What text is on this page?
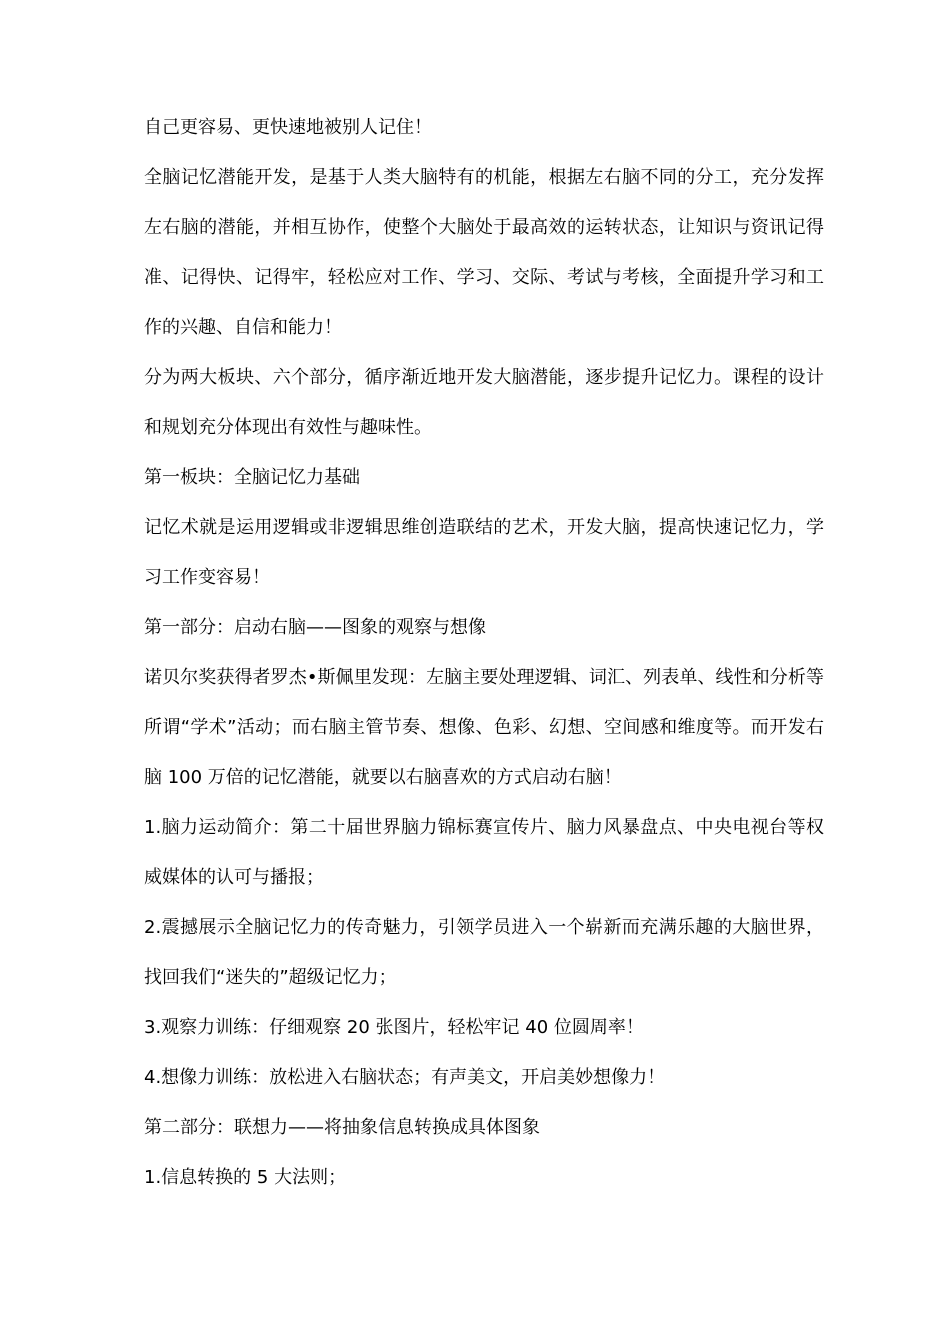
自己更容易、更快速地被别人记住！

全脑记忆潜能开发，是基于人类大脑特有的机能，根据左右脑不同的分工，充分发挥左右脑的潜能，并相互协作，使整个大脑处于最高效的运转状态，让知识与资讯记得准、记得快、记得牢，轻松应对工作、学习、交际、考试与考核，全面提升学习和工作的兴趣、自信和能力！

分为两大板块、六个部分，循序渐近地开发大脑潜能，逐步提升记忆力。课程的设计和规划充分体现出有效性与趣味性。

第一板块：全脑记忆力基础

记忆术就是运用逻辑或非逻辑思维创造联结的艺术，开发大脑，提高快速记忆力，学习工作变容易！

第一部分：启动右脑——图象的观察与想像

诺贝尔奖获得者罗杰•斯佩里发现：左脑主要处理逻辑、词汇、列表单、线性和分析等所谓“学术”活动；而右脑主管节奏、想像、色彩、幻想、空间感和维度等。而开发右脑 100 万倍的记忆潜能，就要以右脑喜欢的方式启动右脑！

1.脑力运动简介：第二十届世界脑力锦标赛宣传片、脑力风暴盘点、中央电视台等权威媒体的认可与播报；

2.震撼展示全脑记忆力的传奇魅力，引领学员进入一个崭新而充满乐趣的大脑世界，找回我们“迷失的”超级记忆力；

3.观察力训练：仔细观察 20 张图片，轻松牢记 40 位圆周率！

4.想像力训练：放松进入右脑状态；有声美文，开启美妙想像力！

第二部分：联想力——将抽象信息转换成具体图象

1.信息转换的 5 大法则；
